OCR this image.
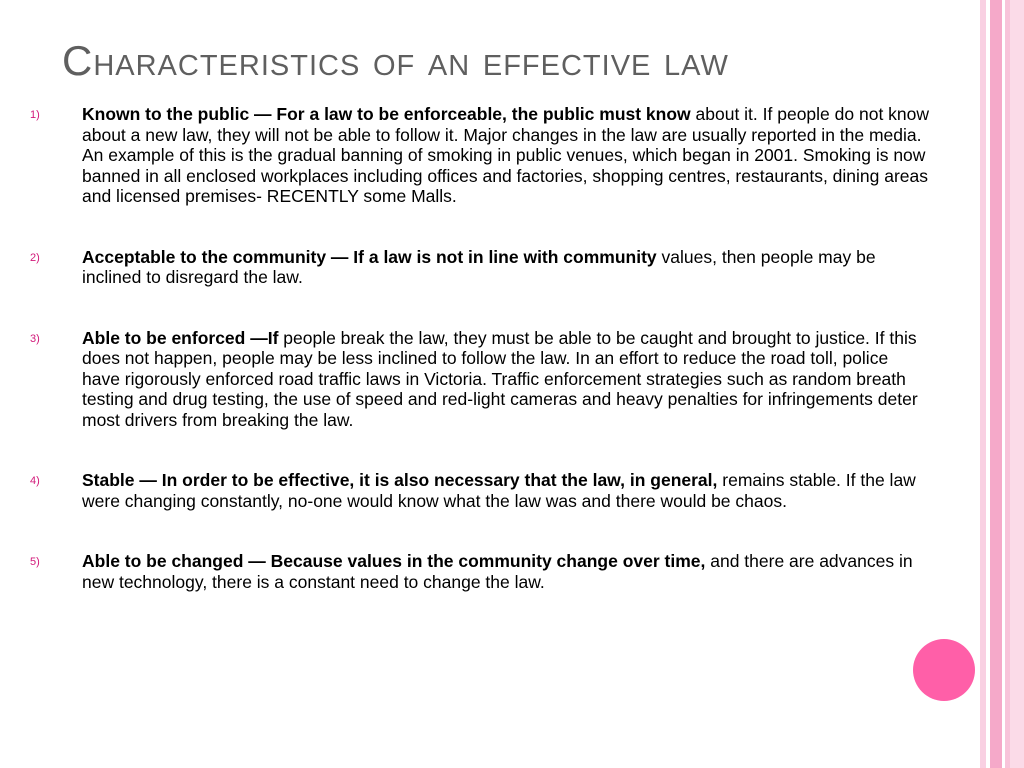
Characteristics of an effective law
1) Known to the public — For a law to be enforceable, the public must know about it. If people do not know about a new law, they will not be able to follow it. Major changes in the law are usually reported in the media. An example of this is the gradual banning of smoking in public venues, which began in 2001. Smoking is now banned in all enclosed workplaces including offices and factories, shopping centres, restaurants, dining areas and licensed premises- RECENTLY some Malls.
2) Acceptable to the community — If a law is not in line with community values, then people may be inclined to disregard the law.
3) Able to be enforced —If people break the law, they must be able to be caught and brought to justice. If this does not happen, people may be less inclined to follow the law. In an effort to reduce the road toll, police have rigorously enforced road traffic laws in Victoria. Traffic enforcement strategies such as random breath testing and drug testing, the use of speed and red-light cameras and heavy penalties for infringements deter most drivers from breaking the law.
4) Stable — In order to be effective, it is also necessary that the law, in general, remains stable. If the law were changing constantly, no-one would know what the law was and there would be chaos.
5) Able to be changed — Because values in the community change over time, and there are advances in new technology, there is a constant need to change the law.
